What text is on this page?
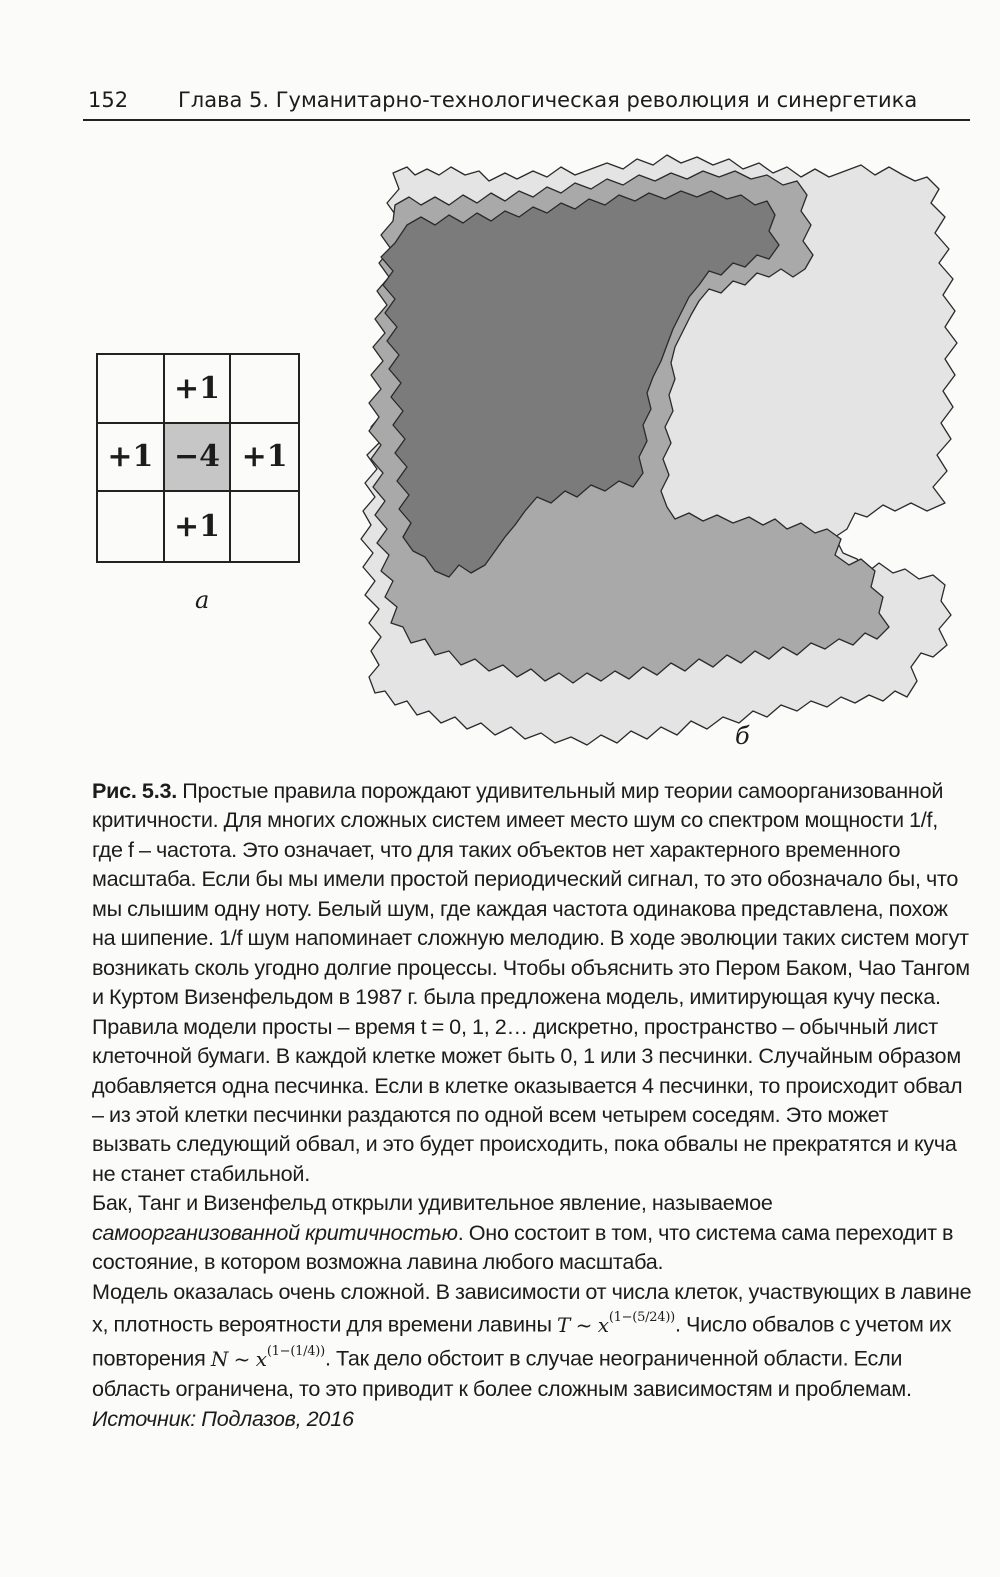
152 Глава 5. Гуманитарно-технологическая революция и синергетика
+1
+1 −4 +1
+1
а
б

Рис. 5.3. Простые правила порождают удивительный мир теории самоорганизованной критичности. Для многих сложных систем имеет место шум со спектром мощности 1/f, где f – частота. Это означает, что для таких объектов нет характерного временного масштаба. Если бы мы имели простой периодический сигнал, то это обозначало бы, что мы слышим одну ноту. Белый шум, где каждая частота одинакова представлена, похож на шипение. 1/f шум напоминает сложную мелодию. В ходе эволюции таких систем могут возникать сколь угодно долгие процессы. Чтобы объяснить это Пером Баком, Чао Тангом и Куртом Визенфельдом в 1987 г. была предложена модель, имитирующая кучу песка. Правила модели просты – время t = 0, 1, 2… дискретно, пространство – обычный лист клеточной бумаги. В каждой клетке может быть 0, 1 или 3 песчинки. Случайным образом добавляется одна песчинка. Если в клетке оказывается 4 песчинки, то происходит обвал – из этой клетки песчинки раздаются по одной всем четырем соседям. Это может вызвать следующий обвал, и это будет происходить, пока обвалы не прекратятся и куча не станет стабильной.

Бак, Танг и Визенфельд открыли удивительное явление, называемое самоорганизованной критичностью. Оно состоит в том, что система сама переходит в состояние, в котором возможна лавина любого масштаба.

Модель оказалась очень сложной. В зависимости от числа клеток, участвующих в лавине x, плотность вероятности для времени лавины T ~ $x^{(1-(5/24))}$. Число обвалов с учетом их повторения N ~ $x^{(1-(1/4))}$. Так дело обстоит в случае неограниченной области. Если область ограничена, то это приводит к более сложным зависимостям и проблемам. Источник: Подлазов, 2016
